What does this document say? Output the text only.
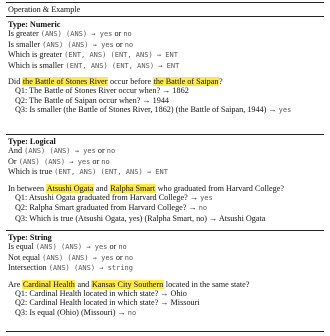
Operation & Example
Type: Numeric
Is greater (ANS) (ANS) → yes or no
Is smaller (ANS) (ANS) → yes or no
Which is greater (ENT, ANS) (ENT, ANS) → ENT
Which is smaller (ENT, ANS) (ENT, ANS) → ENT
Did the Battle of Stones River occur before the Battle of Saipan?
Q1: The Battle of Stones River occur when? → 1862
Q2: The Battle of Saipan occur when? → 1944
Q3: Is smaller (the Battle of Stones River, 1862) (the Battle of Saipan, 1944) → yes
Type: Logical
And (ANS) (ANS) → yes or no
Or (ANS) (ANS) → yes or no
Which is true (ENT, ANS) (ENT, ANS) → ENT
In between Atsushi Ogata and Ralpha Smart who graduated from Harvard College?
Q1: Atsushi Ogata graduated from Harvard College? → yes
Q2: Ralpha Smart graduated from Harvard College? → no
Q3: Which is true (Atsushi Ogata, yes) (Ralpha Smart, no) → Atsushi Ogata
Type: String
Is equal (ANS) (ANS) → yes or no
Not equal (ANS) (ANS) → yes or no
Intersection (ANS) (ANS) → string
Are Cardinal Health and Kansas City Southern located in the same state?
Q1: Cardinal Health located in which state? → Ohio
Q2: Cardinal Health located in which state? → Missouri
Q3: Is equal (Ohio) (Missouri) → no
